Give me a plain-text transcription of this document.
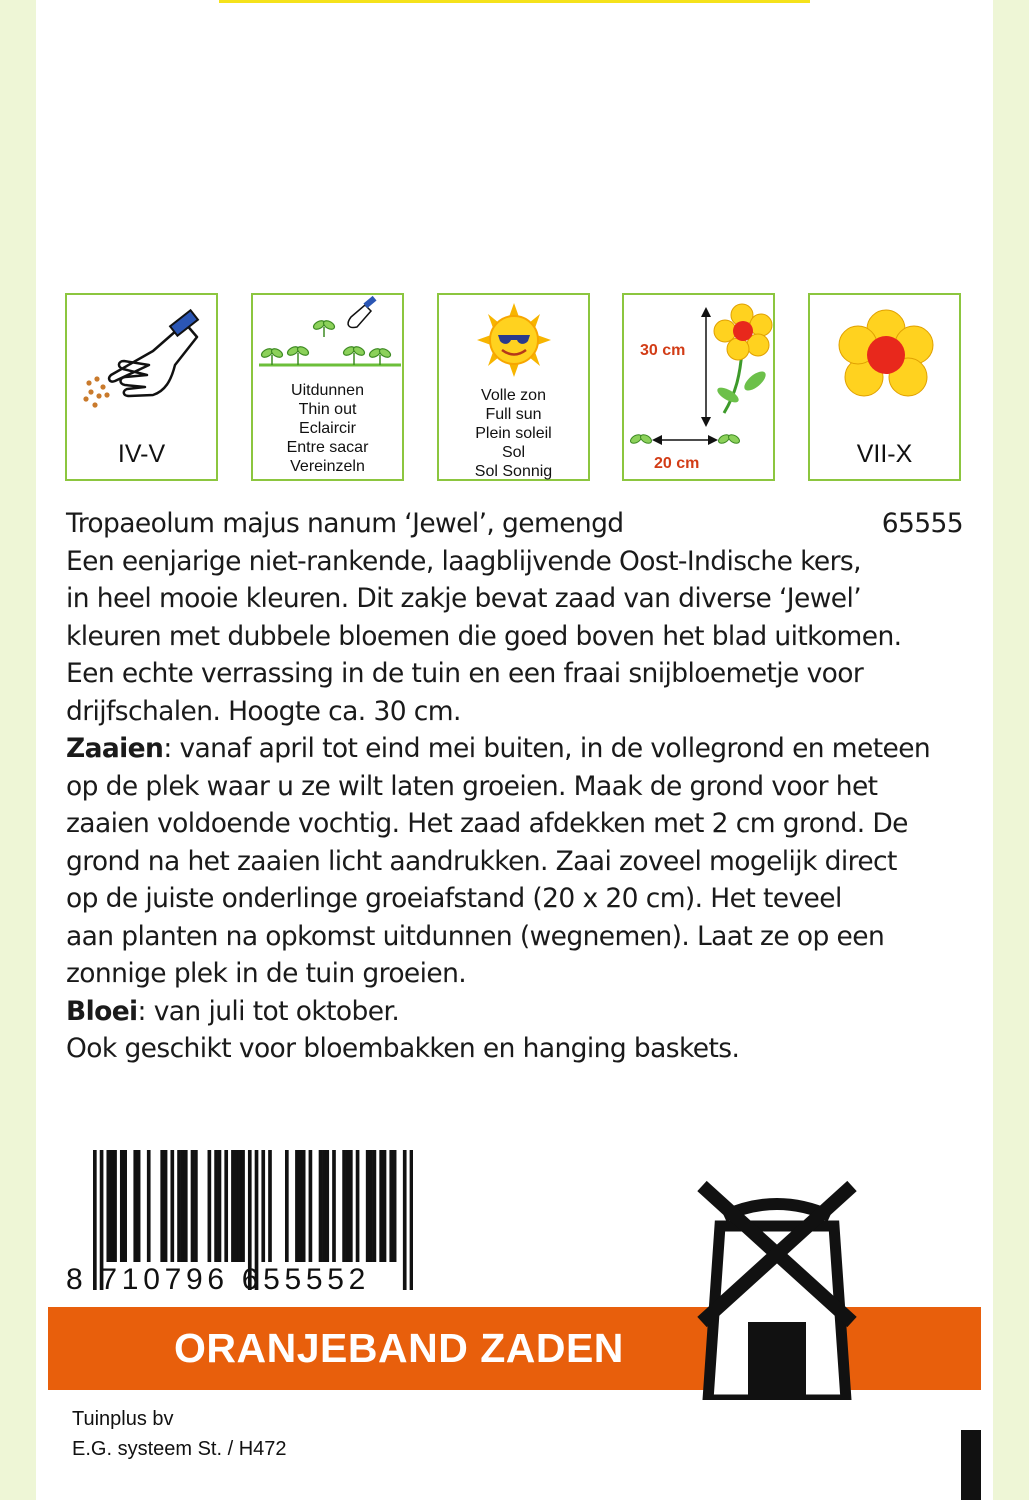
IV-V
Uitdunnen
Thin out
Eclaircir
Entre sacar
Vereinzeln
Volle zon
Full sun
Plein soleil
Sol
Sol Sonnig
30 cm
20 cm	VII-X
Tropaeolum majus nanum ‘Jewel’, gemengd	65555

Een eenjarige niet-rankende, laagblijvende Oost-Indische kers,
in heel mooie kleuren. Dit zakje bevat zaad van diverse ‘Jewel’
kleuren met dubbele bloemen die goed boven het blad uitkomen.
Een echte verrassing in de tuin en een fraai snijbloemetje voor
drijfschalen. Hoogte ca. 30 cm.

Zaaien: vanaf april tot eind mei buiten, in de vollegrond en meteen
op de plek waar u ze wilt laten groeien. Maak de grond voor het
zaaien voldoende vochtig. Het zaad afdekken met 2 cm grond. De
grond na het zaaien licht aandrukken. Zaai zoveel mogelijk direct
op de juiste onderlinge groeiafstand (20 x 20 cm). Het teveel
aan planten na opkomst uitdunnen (wegnemen). Laat ze op een
zonnige plek in de tuin groeien.

Bloei: van juli tot oktober.

Ook geschikt voor bloembakken en hanging baskets.

8 710796 655552
ORANJEBAND ZADEN
Tuinplus bv
E.G. systeem St. / H472
